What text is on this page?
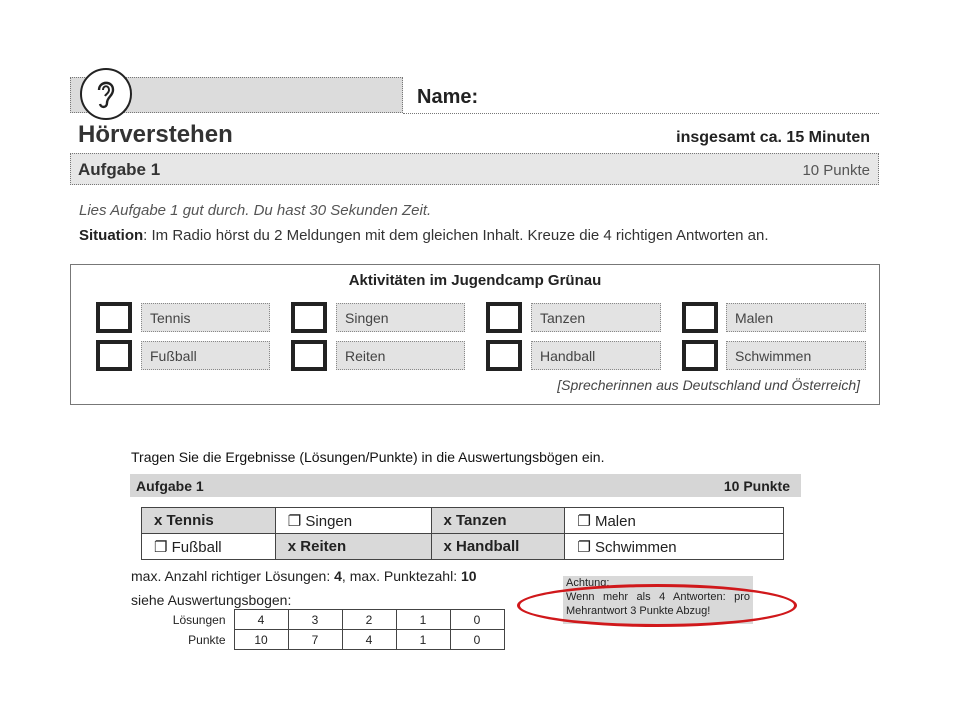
Name:
Hörverstehen	insgesamt ca. 15 Minuten
Aufgabe 1	10 Punkte
Lies Aufgabe 1 gut durch. Du hast 30 Sekunden Zeit.
Situation: Im Radio hörst du 2 Meldungen mit dem gleichen Inhalt. Kreuze die 4 richtigen Antworten an.
Aktivitäten im Jugendcamp Grünau
Tennis	Singen	Tanzen	Malen
Fußball	Reiten	Handball	Schwimmen
[Sprecherinnen aus Deutschland und Österreich]
Tragen Sie die Ergebnisse (Lösungen/Punkte) in die Auswertungsbögen ein.
Aufgabe 1	10 Punkte
x Tennis	❐ Singen	x Tanzen	❐ Malen
❐ Fußball	x Reiten	x Handball	❐ Schwimmen
max. Anzahl richtiger Lösungen: 4, max. Punktezahl: 10
siehe Auswertungsbogen:
Lösungen	4	3	2	1	0
Punkte	10	7	4	1	0
Achtung:
Wenn mehr als 4 Antworten: pro
Mehrantwort 3 Punkte Abzug!
